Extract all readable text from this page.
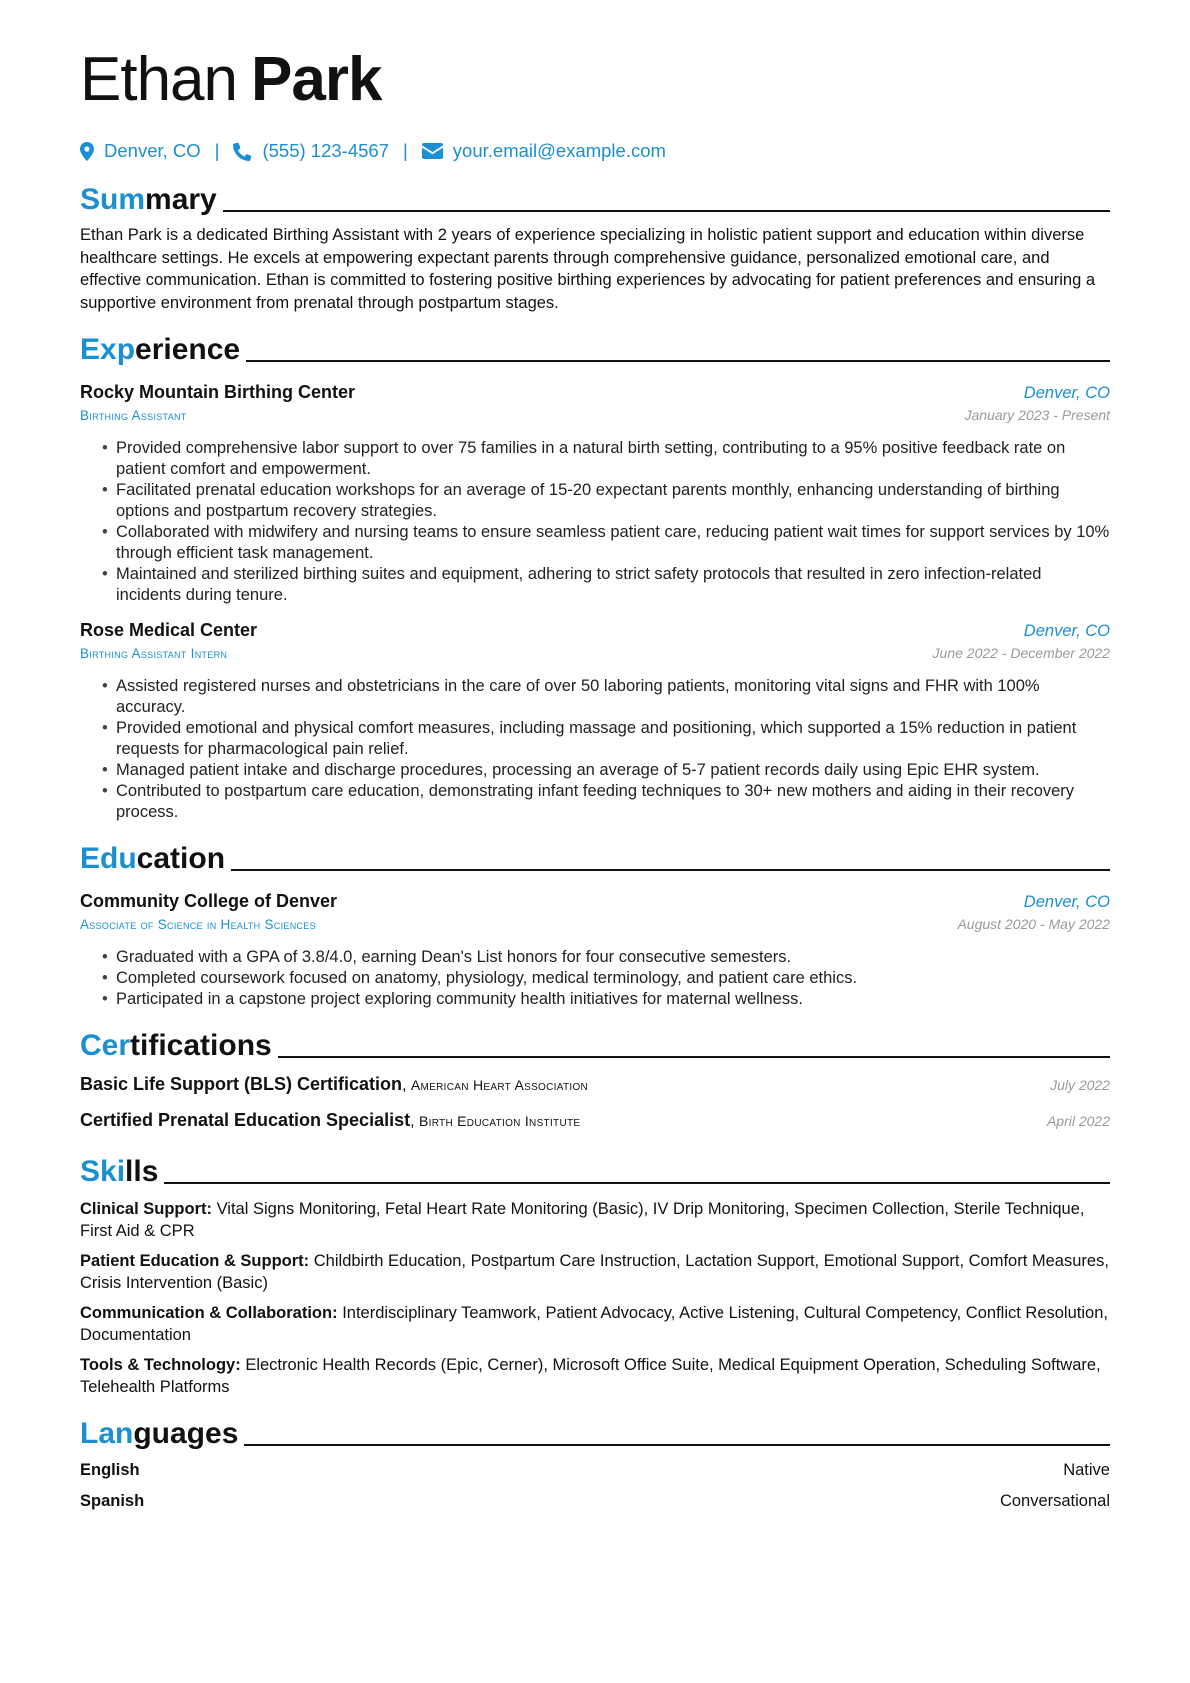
Ethan Park
Denver, CO | (555) 123-4567 | your.email@example.com
Summary

Ethan Park is a dedicated Birthing Assistant with 2 years of experience specializing in holistic patient support and education within diverse healthcare settings. He excels at empowering expectant parents through comprehensive guidance, personalized emotional care, and effective communication. Ethan is committed to fostering positive birthing experiences by advocating for patient preferences and ensuring a supportive environment from prenatal through postpartum stages.

Experience
Rocky Mountain Birthing Center	Denver, CO
Birthing Assistant	January 2023 - Present
• Provided comprehensive labor support to over 75 families in a natural birth setting, contributing to a 95% positive feedback rate on patient comfort and empowerment.
• Facilitated prenatal education workshops for an average of 15-20 expectant parents monthly, enhancing understanding of birthing options and postpartum recovery strategies.
• Collaborated with midwifery and nursing teams to ensure seamless patient care, reducing patient wait times for support services by 10% through efficient task management.
• Maintained and sterilized birthing suites and equipment, adhering to strict safety protocols that resulted in zero infection-related incidents during tenure.
Rose Medical Center	Denver, CO
Birthing Assistant Intern	June 2022 - December 2022
• Assisted registered nurses and obstetricians in the care of over 50 laboring patients, monitoring vital signs and FHR with 100% accuracy.
• Provided emotional and physical comfort measures, including massage and positioning, which supported a 15% reduction in patient requests for pharmacological pain relief.
• Managed patient intake and discharge procedures, processing an average of 5-7 patient records daily using Epic EHR system.
• Contributed to postpartum care education, demonstrating infant feeding techniques to 30+ new mothers and aiding in their recovery process.
Education
Community College of Denver	Denver, CO
Associate of Science in Health Sciences	August 2020 - May 2022
• Graduated with a GPA of 3.8/4.0, earning Dean's List honors for four consecutive semesters.
• Completed coursework focused on anatomy, physiology, medical terminology, and patient care ethics.
• Participated in a capstone project exploring community health initiatives for maternal wellness.
Certifications
Basic Life Support (BLS) Certification, American Heart Association	July 2022
Certified Prenatal Education Specialist, Birth Education Institute	April 2022
Skills

Clinical Support: Vital Signs Monitoring, Fetal Heart Rate Monitoring (Basic), IV Drip Monitoring, Specimen Collection, Sterile Technique, First Aid & CPR

Patient Education & Support: Childbirth Education, Postpartum Care Instruction, Lactation Support, Emotional Support, Comfort Measures, Crisis Intervention (Basic)

Communication & Collaboration: Interdisciplinary Teamwork, Patient Advocacy, Active Listening, Cultural Competency, Conflict Resolution, Documentation

Tools & Technology: Electronic Health Records (Epic, Cerner), Microsoft Office Suite, Medical Equipment Operation, Scheduling Software, Telehealth Platforms

Languages
English	Native
Spanish	Conversational
